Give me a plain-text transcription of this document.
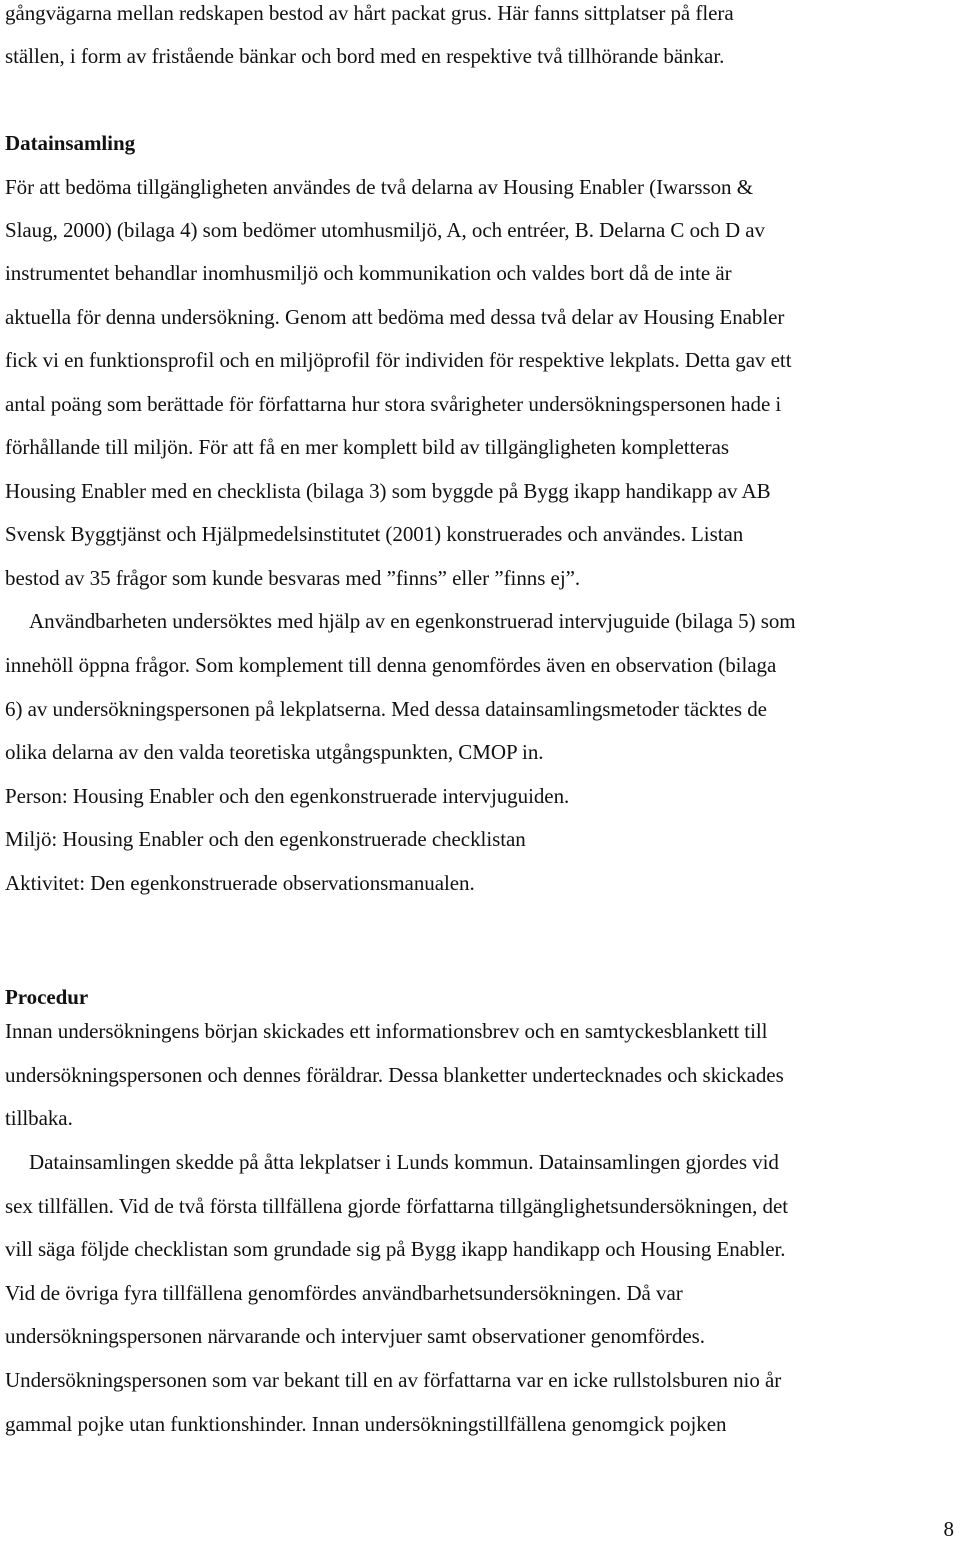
gångvägarna mellan redskapen bestod av hårt packat grus. Här fanns sittplatser på flera
ställen, i form av fristående bänkar och bord med en respektive två tillhörande bänkar.
Datainsamling
För att bedöma tillgängligheten användes de två delarna av Housing Enabler (Iwarsson &
Slaug, 2000) (bilaga 4) som bedömer utomhusmiljö, A, och entréer, B. Delarna C och D av
instrumentet behandlar inomhusmiljö och kommunikation och valdes bort då de inte är
aktuella för denna undersökning. Genom att bedöma med dessa två delar av Housing Enabler
fick vi en funktionsprofil och en miljöprofil för individen för respektive lekplats. Detta gav ett
antal poäng som berättade för författarna hur stora svårigheter undersökningspersonen hade i
förhållande till miljön. För att få en mer komplett bild av tillgängligheten kompletteras
Housing Enabler med en checklista (bilaga 3) som byggde på Bygg ikapp handikapp av AB
Svensk Byggtjänst och Hjälpmedelsinstitutet (2001) konstruerades och användes. Listan
bestod av 35 frågor som kunde besvaras med ”finns” eller ”finns ej”.
Användbarheten undersöktes med hjälp av en egenkonstruerad intervjuguide (bilaga 5) som
innehöll öppna frågor. Som komplement till denna genomfördes även en observation (bilaga
6) av undersökningspersonen på lekplatserna. Med dessa datainsamlingsmetoder täcktes de
olika delarna av den valda teoretiska utgångspunkten, CMOP in.
Person: Housing Enabler och den egenkonstruerade intervjuguiden.
Miljö: Housing Enabler och den egenkonstruerade checklistan
Aktivitet: Den egenkonstruerade observationsmanualen.
Procedur
Innan undersökningens början skickades ett informationsbrev och en samtyckesblankett till
undersökningspersonen och dennes föräldrar. Dessa blanketter undertecknades och skickades
tillbaka.
Datainsamlingen skedde på åtta lekplatser i Lunds kommun. Datainsamlingen gjordes vid
sex tillfällen. Vid de två första tillfällena gjorde författarna tillgänglighetsundersökningen, det
vill säga följde checklistan som grundade sig på Bygg ikapp handikapp och Housing Enabler.
Vid de övriga fyra tillfällena genomfördes användbarhetsundersökningen. Då var
undersökningspersonen närvarande och intervjuer samt observationer genomfördes.
Undersökningspersonen som var bekant till en av författarna var en icke rullstolsburen nio år
gammal pojke utan funktionshinder. Innan undersökningstillfällena genomgick pojken
8
